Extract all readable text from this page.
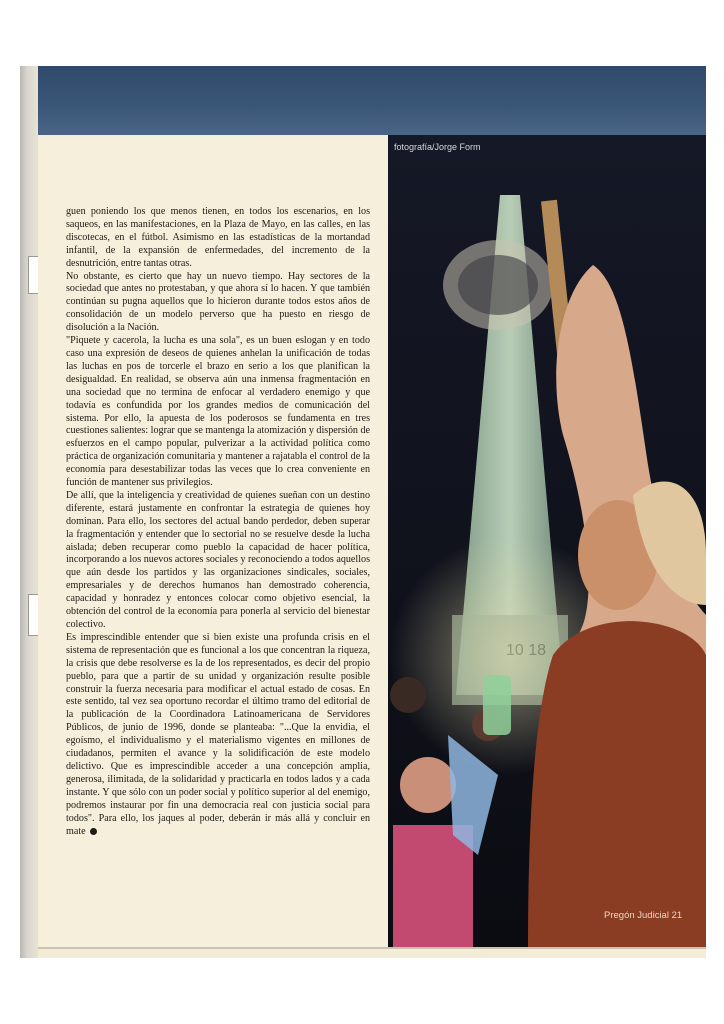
guen poniendo los que menos tienen, en todos los escenarios, en los saqueos, en las manifestaciones, en la Plaza de Mayo, en las calles, en las discotecas, en el fútbol. Asimismo en las estadísticas de la mortandad infantil, de la expansión de enfermedades, del incremento de la desnutrición, entre tantas otras.

No obstante, es cierto que hay un nuevo tiempo. Hay sectores de la sociedad que antes no protestaban, y que ahora sí lo hacen. Y que también continúan su pugna aquellos que lo hicieron durante todos estos años de consolidación de un modelo perverso que ha puesto en riesgo de disolución a la Nación.

"Piquete y cacerola, la lucha es una sola", es un buen eslogan y en todo caso una expresión de deseos de quienes anhelan la unificación de todas las luchas en pos de torcerle el brazo en serio a los que planifican la desigualdad. En realidad, se observa aún una inmensa fragmentación en una sociedad que no termina de enfocar al verdadero enemigo y que todavía es confundida por los grandes medios de comunicación del sistema. Por ello, la apuesta de los poderosos se fundamenta en tres cuestiones salientes: lograr que se mantenga la atomización y dispersión de esfuerzos en el campo popular, pulverizar a la actividad política como práctica de organización comunitaria y mantener a rajatabla el control de la economía para desestabilizar todas las veces que lo crea conveniente en función de mantener sus privilegios.

De allí, que la inteligencia y creatividad de quienes sueñan con un destino diferente, estará justamente en confrontar la estrategia de quienes hoy dominan. Para ello, los sectores del actual bando perdedor, deben superar la fragmentación y entender que lo sectorial no se resuelve desde la lucha aislada; deben recuperar como pueblo la capacidad de hacer política, incorporando a los nuevos actores sociales y reconociendo a todos aquellos que aún desde los partidos y las organizaciones sindicales, sociales, empresariales y de derechos humanos han demostrado coherencia, capacidad y honradez y entonces colocar como objetivo esencial, la obtención del control de la economía para ponerla al servicio del bienestar colectivo.

Es imprescindible entender que si bien existe una profunda crisis en el sistema de representación que es funcional a los que concentran la riqueza, la crisis que debe resolverse es la de los representados, es decir del propio pueblo, para que a partir de su unidad y organización resulte posible construir la fuerza necesaria para modificar el actual estado de cosas. En este sentido, tal vez sea oportuno recordar el último tramo del editorial de la publicación de la Coordinadora Latinoamericana de Servidores Públicos, de junio de 1996, donde se planteaba: "...Que la envidia, el egoísmo, el individualismo y el materialismo vigentes en millones de ciudadanos, permiten el avance y la solidificación de este modelo delictivo. Que es imprescindible acceder a una concepción amplia, generosa, ilimitada, de la solidaridad y practicarla en todos lados y a cada instante. Y que sólo con un poder social y político superior al del enemigo, podremos instaurar por fin una democracia real con justicia social para todos". Para ello, los jaques al poder, deberán ir más allá y concluir en mate

fotografía/Jorge Form
Pregón Judicial 21
